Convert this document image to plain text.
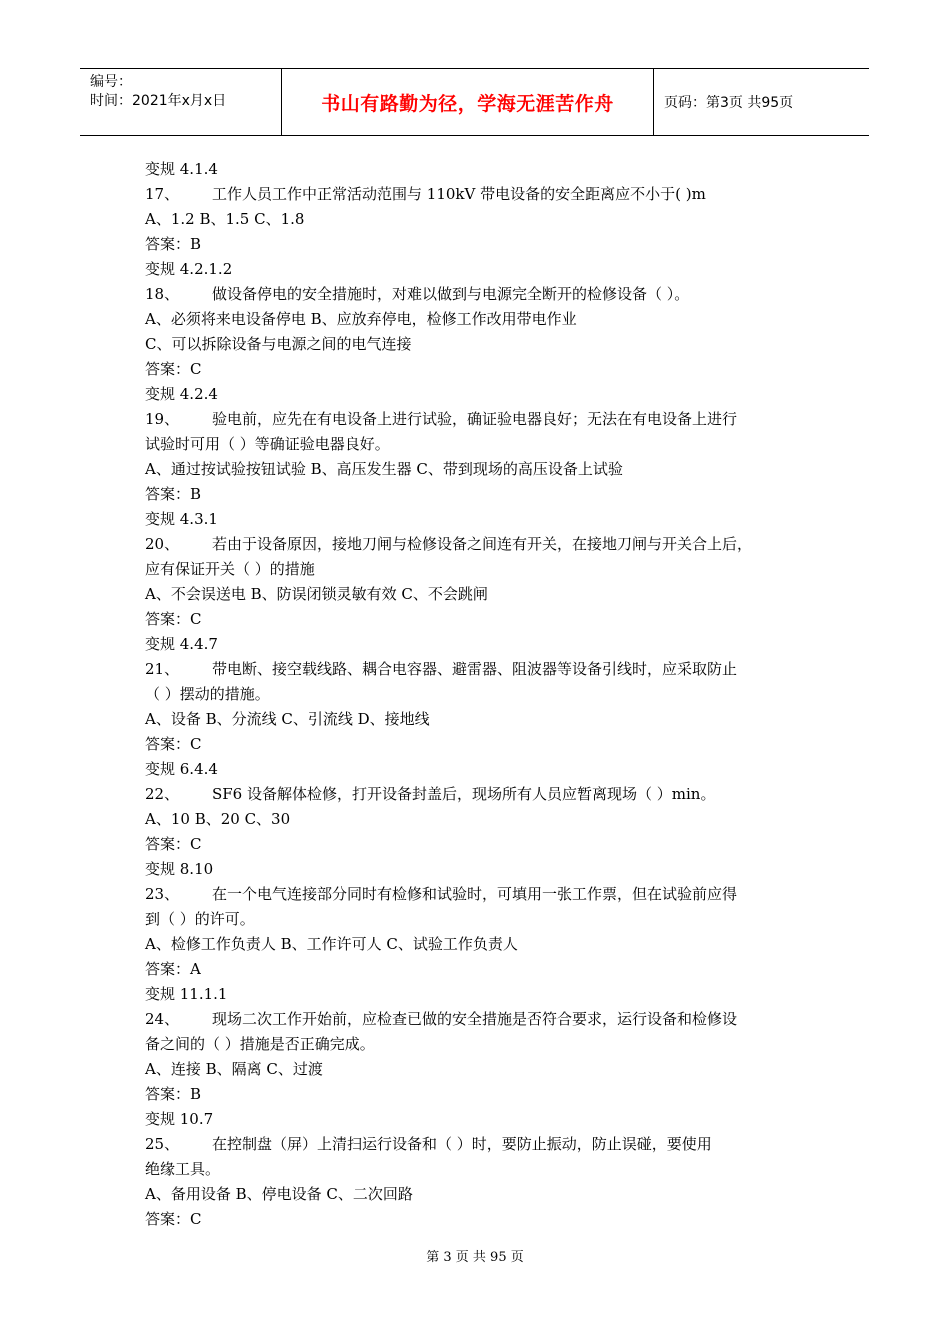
编号：
时间：2021年x月x日	书山有路勤为径，学海无涯苦作舟	页码：第3页 共95页
变规 4.1.4
17、 工作人员工作中正常活动范围与 110kV 带电设备的安全距离应不小于( )m
A、1.2 B、1.5 C、1.8
答案：B
变规 4.2.1.2
18、 做设备停电的安全措施时，对难以做到与电源完全断开的检修设备（ ）。
A、必须将来电设备停电 B、应放弃停电，检修工作改用带电作业
C、可以拆除设备与电源之间的电气连接
答案：C
变规 4.2.4
19、 验电前，应先在有电设备上进行试验，确证验电器良好；无法在有电设备上进行
试验时可用（ ）等确证验电器良好。
A、通过按试验按钮试验 B、高压发生器 C、带到现场的高压设备上试验
答案：B
变规 4.3.1
20、 若由于设备原因，接地刀闸与检修设备之间连有开关，在接地刀闸与开关合上后，
应有保证开关（ ）的措施
A、不会误送电 B、防误闭锁灵敏有效 C、不会跳闸
答案：C
变规 4.4.7
21、 带电断、接空载线路、耦合电容器、避雷器、阻波器等设备引线时，应采取防止
（ ）摆动的措施。
A、设备 B、分流线 C、引流线 D、接地线
答案：C
变规 6.4.4
22、 SF6 设备解体检修，打开设备封盖后，现场所有人员应暂离现场（ ）min。
A、10 B、20 C、30
答案：C
变规 8.10
23、 在一个电气连接部分同时有检修和试验时，可填用一张工作票，但在试验前应得
到（ ）的许可。
A、检修工作负责人 B、工作许可人 C、试验工作负责人
答案：A
变规 11.1.1
24、 现场二次工作开始前，应检查已做的安全措施是否符合要求，运行设备和检修设
备之间的（ ）措施是否正确完成。
A、连接 B、隔离 C、过渡
答案：B
变规 10.7
25、 在控制盘（屏）上清扫运行设备和（ ）时，要防止振动，防止误碰，要使用
绝缘工具。
A、备用设备 B、停电设备 C、二次回路
答案：C
第 3 页 共 95 页
